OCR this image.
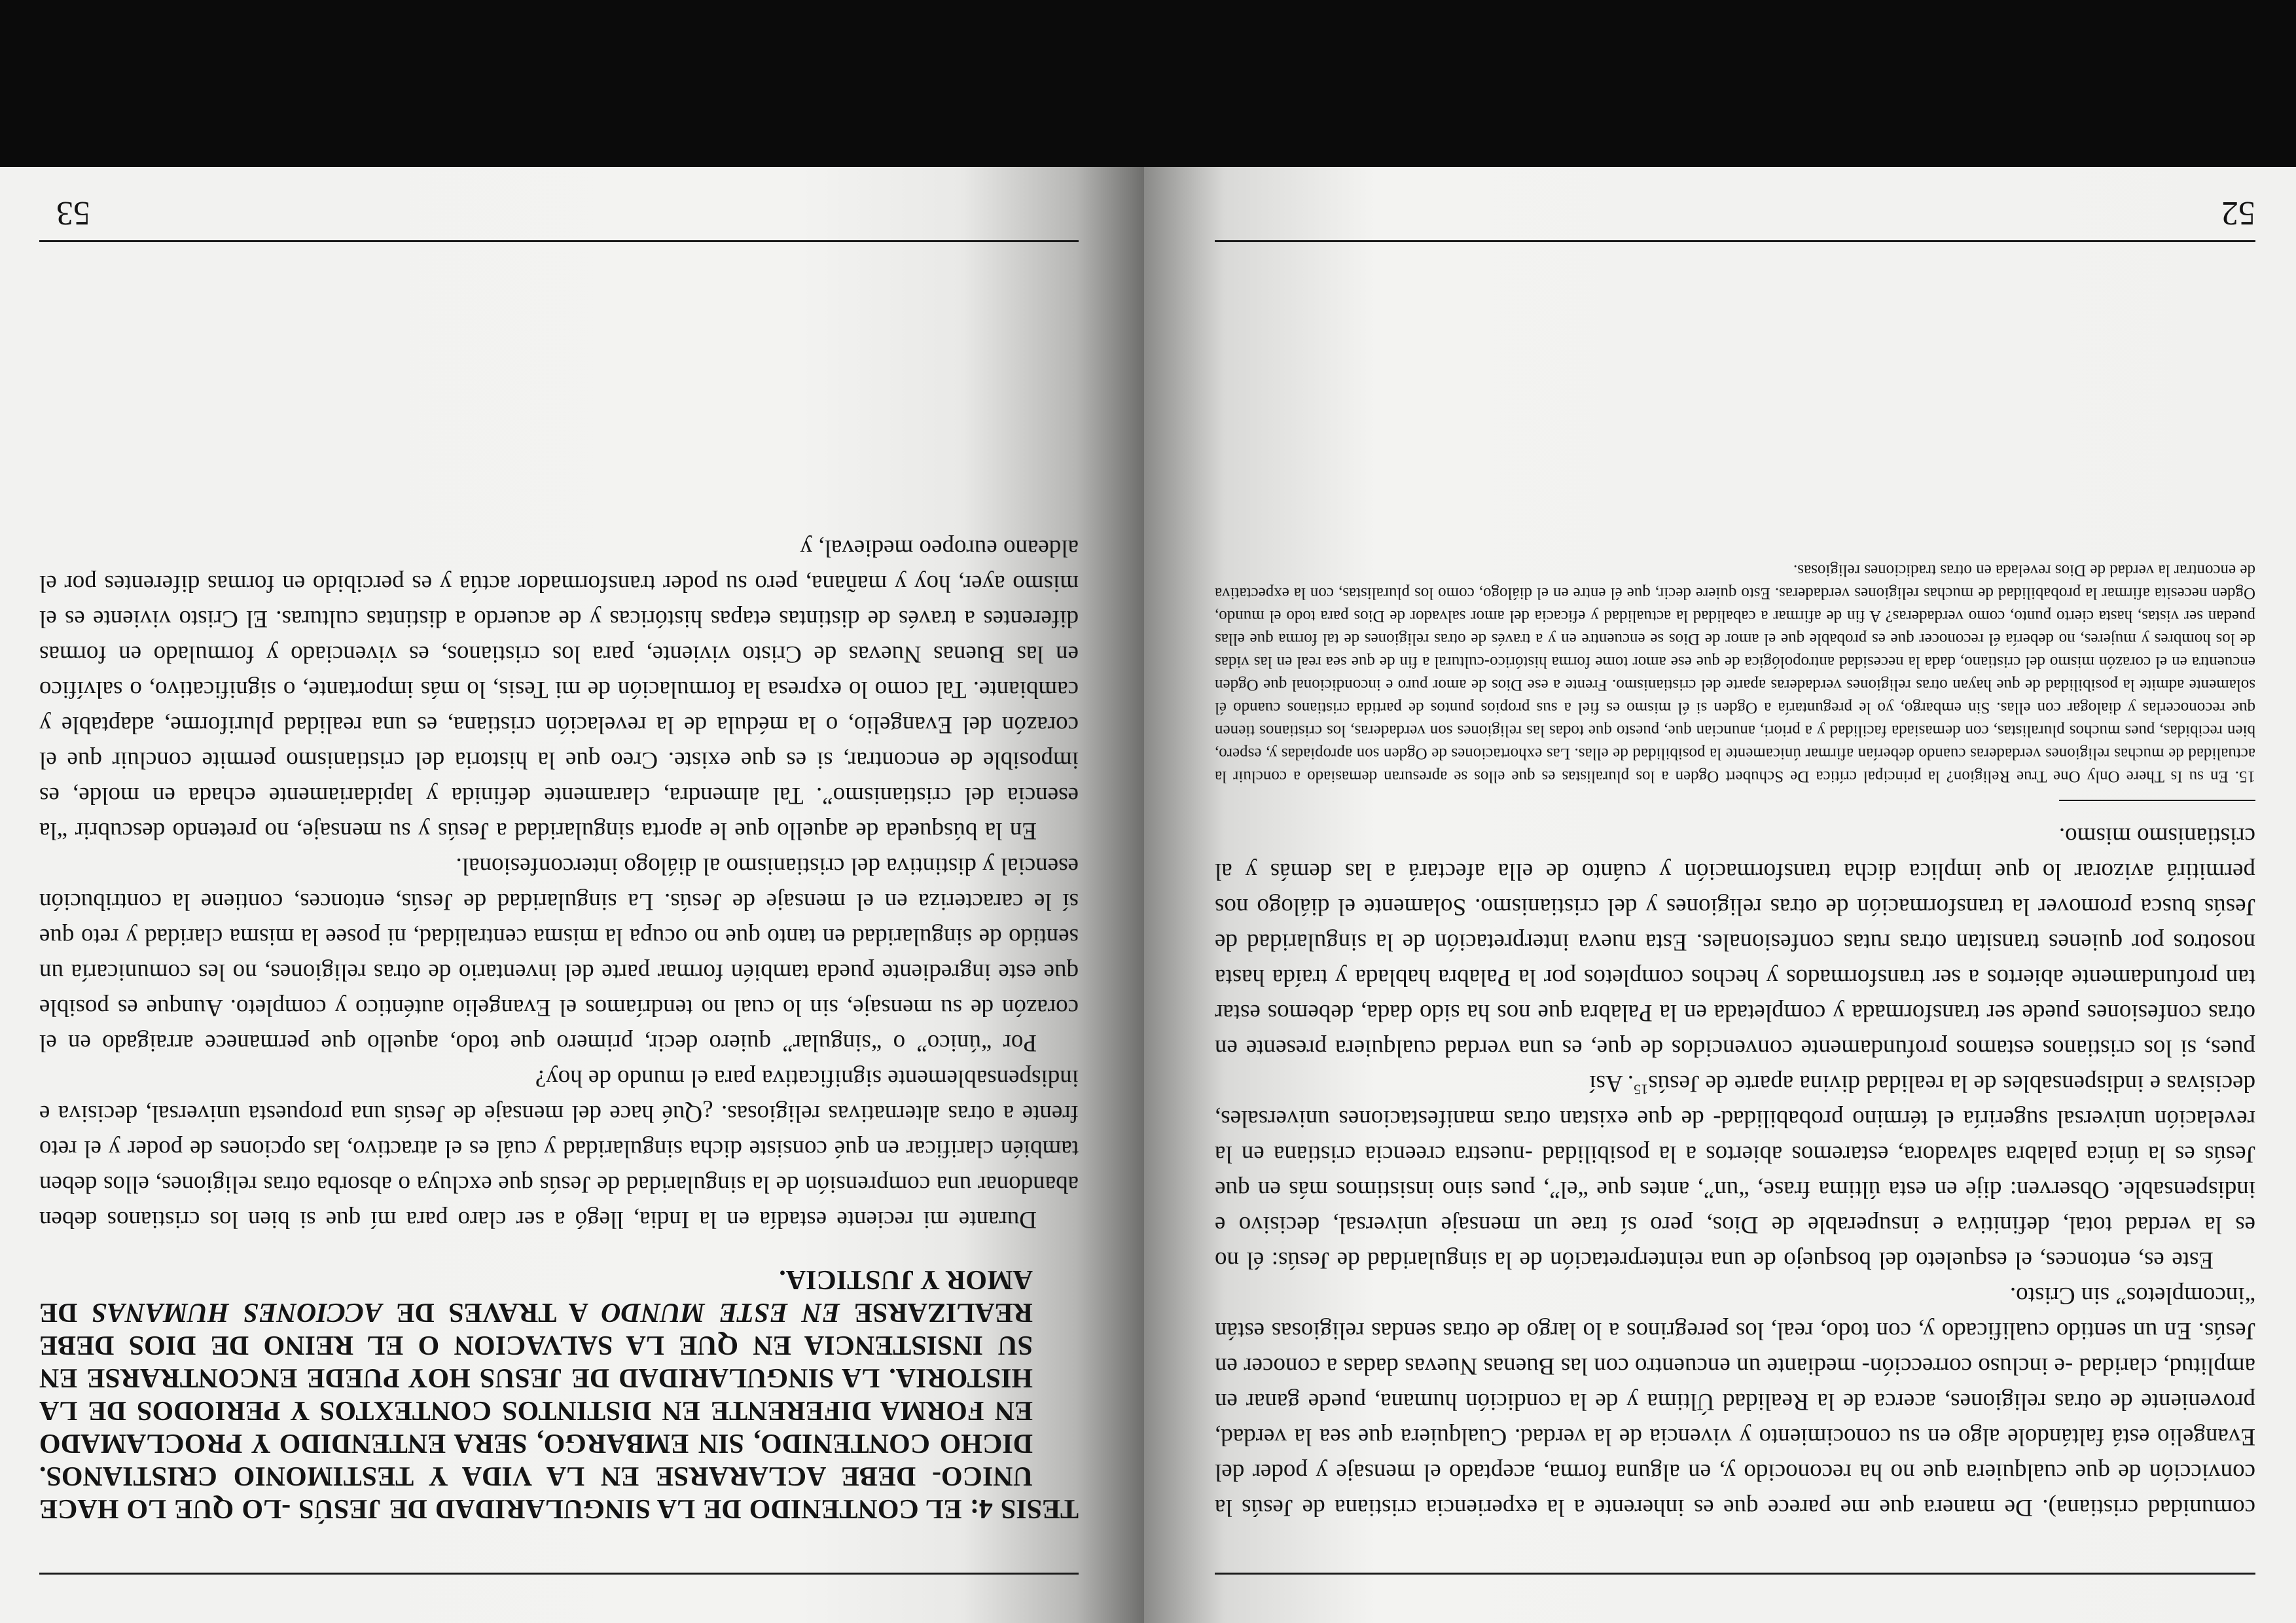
comunidad cristiana). De manera que me parece que es inherente a la experiencia cristiana de Jesús la convicción de que cualquiera que no ha reconocido y, en alguna forma, aceptado el mensaje y poder del Evangelio está faltándole algo en su conocimiento y vivencia de la verdad. Cualquiera que sea la verdad, proveniente de otras religiones, acerca de la Realidad Última y de la condición humana, puede ganar en amplitud, claridad -e incluso corrección- mediante un encuentro con las Buenas Nuevas dadas a conocer en Jesús. En un sentido cualificado y, con todo, real, los peregrinos a lo largo de otras sendas religiosas están “incompletos” sin Cristo.

Este es, entonces, el esqueleto del bosquejo de una reinterpretación de la singularidad de Jesús: él no es la verdad total, definitiva e insuperable de Dios, pero sí trae un mensaje universal, decisivo e indispensable. Observen: dije en esta última frase, “un”, antes que “el”, pues sino insistimos más en que Jesús es la única palabra salvadora, estaremos abiertos a la posibilidad -nuestra creencia cristiana en la revelación universal sugeriría el término probabilidad- de que existan otras manifestaciones universales, decisivas e indispensables de la realidad divina aparte de Jesús$^{15}$. Así

pues, si los cristianos estamos profundamente convencidos de que, es una verdad cualquiera presente en otras confesiones puede ser transformada y completada en la Palabra que nos ha sido dada, debemos estar tan profundamente abiertos a ser transformados y hechos completos por la Palabra hablada y traída hasta nosotros por quienes transitan otras rutas confesionales. Esta nueva interpretación de la singularidad de Jesús busca promover la transformación de otras religiones y del cristianismo. Solamente el diálogo nos permitirá avizorar lo que implica dicha transformación y cuánto de ella afectará a las demás y al cristianismo mismo.

15. En su Is There Only One True Religion? la principal crítica De Schubert Ogden a los pluralistas es que ellos se apresuran demasiado a concluir la actualidad de muchas religiones verdaderas cuando deberían afirmar únicamente la posibilidad de ellas. Las exhortaciones de Ogden son apropiadas y, espero, bien recibidas, pues muchos pluralistas, con demasiada facilidad y a priori, anuncian que, puesto que todas las religiones son verdaderas, los cristianos tienen que reconocerlas y dialogar con ellas. Sin embargo, yo le preguntaría a Ogden si él mismo es fiel a sus propios puntos de partida cristianos cuando él solamente admite la posibilidad de que hayan otras religiones verdaderas aparte del cristianismo. Frente a ese Dios de amor puro e incondicional que Ogden encuentra en el corazón mismo del cristiano, dada la necesidad antropológica de que ese amor tome forma histórico-cultural a fin de que sea real en las vidas de los hombres y mujeres, no debería él reconocer que es probable que el amor de Dios se encuentre en y a través de otras religiones de tal forma que ellas puedan ser vistas, hasta cierto punto, como verdaderas? A fin de afirmar a cabalidad la actualidad y eficacia del amor salvador de Dios para todo el mundo, Ogden necesita afirmar la probabilidad de muchas religiones verdaderas. Esto quiere decir, que él entre en el diálogo, como los pluralistas, con la expectativa de encontrar la verdad de Dios revelada en otras tradiciones religiosas.

52
TESIS 4: EL CONTENIDO DE LA SINGULARIDAD DE JESÚS -LO QUE LO HACE UNICO- DEBE ACLARARSE EN LA VIDA Y TESTIMONIO CRISTIANOS. DICHO CONTENIDO, SIN EMBARGO, SERA ENTENDIDO Y PROCLAMADO EN FORMA DIFERENTE EN DISTINTOS CONTEXTOS Y PERIODOS DE LA HISTORIA. LA SINGULARIDAD DE JESUS HOY PUEDE ENCONTRARSE EN SU INSISTENCIA EN QUE LA SALVACION O EL REINO DE DIOS DEBE REALIZARSE EN ESTE MUNDO A TRAVES DE ACCIONES HUMANAS DE AMOR Y JUSTICIA.

Durante mi reciente estadía en la India, llegó a ser claro para mí que si bien los cristianos deben abandonar una comprensión de la singularidad de Jesús que excluya o absorba otras religiones, ellos deben también clarificar en qué consiste dicha singularidad y cuál es el atractivo, las opciones de poder y el reto frente a otras alternativas religiosas. ¿Qué hace del mensaje de Jesús una propuesta universal, decisiva e indispensablemente significativa para el mundo de hoy?

Por “único” o “singular” quiero decir, primero que todo, aquello que permanece arraigado en el corazón de su mensaje, sin lo cual no tendríamos el Evangelio auténtico y completo. Aunque es posible que este ingrediente pueda también formar parte del inventario de otras religiones, no les comunicaría un sentido de singularidad en tanto que no ocupa la misma centralidad, ni posee la misma claridad y reto que sí le caracteriza en el mensaje de Jesús. La singularidad de Jesús, entonces, contiene la contribución esencial y distintiva del cristianismo al diálogo interconfesional.

En la búsqueda de aquello que le aporta singularidad a Jesús y su mensaje, no pretendo descubrir “la esencia del cristianismo”. Tal almendra, claramente definida y lapidariamente echada en molde, es imposible de encontrar, si es que existe. Creo que la historia del cristianismo permite concluir que el corazón del Evangelio, o la médula de la revelación cristiana, es una realidad pluriforme, adaptable y cambiante. Tal como lo expresa la formulación de mi Tesis, lo más importante, o significativo, o salvífico en las Buenas Nuevas de Cristo viviente, para los cristianos, es vivenciado y formulado en formas diferentes a través de distintas etapas históricas y de acuerdo a distintas culturas. El Cristo viviente es el mismo ayer, hoy y mañana, pero su poder transformador actúa y es percibido en formas diferentes por el aldeano europeo medieval, y

53
